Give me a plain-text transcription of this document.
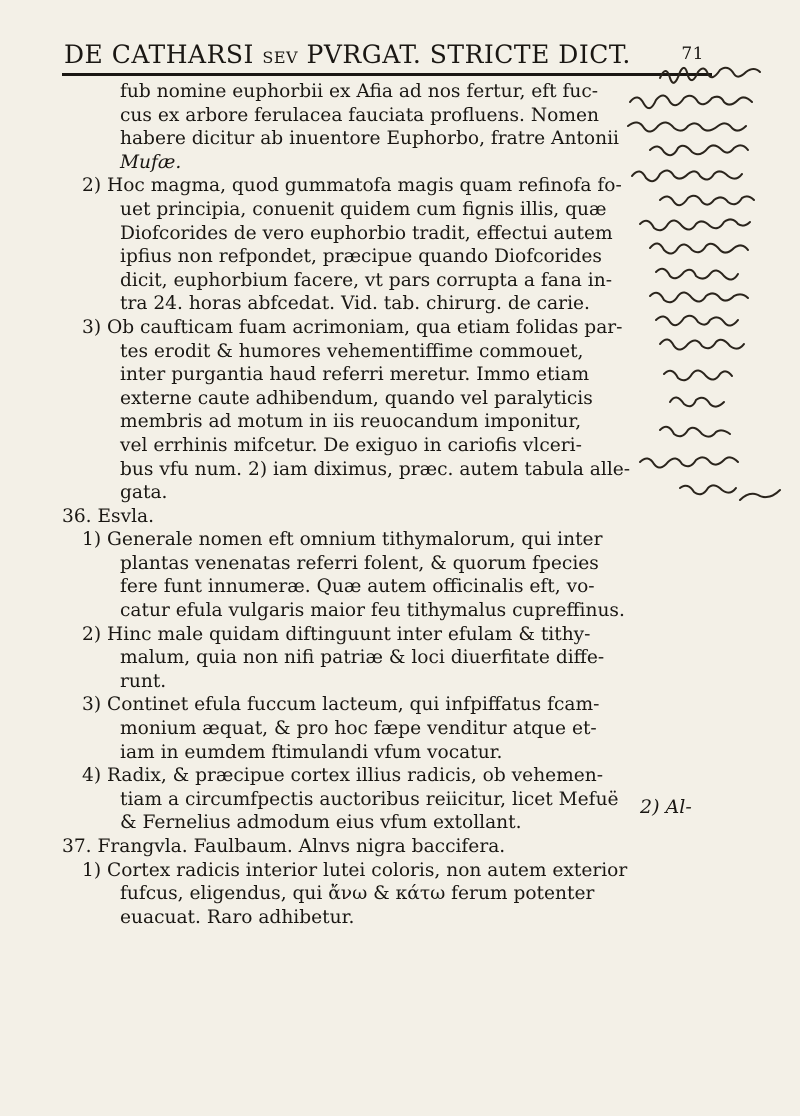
DE CATHARSI SEV PVRGAT. STRICTE DICT.	71
fub nomine euphorbii ex Afia ad nos fertur, eft fuc-
cus ex arbore ferulacea fauciata profluens. Nomen
habere dicitur ab inuentore Euphorbo, fratre Antonii
Mufæ.
2) Hoc magma, quod gummatofa magis quam refinofa fo-
uet principia, conuenit quidem cum fignis illis, quæ
Diofcorides de vero euphorbio tradit, effectui autem
ipfius non refpondet, præcipue quando Diofcorides
dicit, euphorbium facere, vt pars corrupta a fana in-
tra 24. horas abfcedat. Vid. tab. chirurg. de carie.
3) Ob caufticam fuam acrimoniam, qua etiam folidas par-
tes erodit & humores vehementiffime commouet,
inter purgantia haud referri meretur. Immo etiam
externe caute adhibendum, quando vel paralyticis
membris ad motum in iis reuocandum imponitur,
vel errhinis mifcetur. De exiguo in cariofis vlceri-
bus vfu num. 2) iam diximus, præc. autem tabula alle-
gata.
36. Esvla.
1) Generale nomen eft omnium tithymalorum, qui inter
plantas venenatas referri folent, & quorum fpecies
fere funt innumeræ. Quæ autem officinalis eft, vo-
catur efula vulgaris maior feu tithymalus cupreffinus.
2) Hinc male quidam diftinguunt inter efulam & tithy-
malum, quia non nifi patriæ & loci diuerfitate diffe-
runt.
3) Continet efula fuccum lacteum, qui infpiffatus fcam-
monium æquat, & pro hoc fæpe venditur atque et-
iam in eumdem ftimulandi vfum vocatur.
4) Radix, & præcipue cortex illius radicis, ob vehemen-
tiam a circumfpectis auctoribus reiicitur, licet Mefuë
& Fernelius admodum eius vfum extollant.
37. Frangvla. Faulbaum. Alnvs nigra baccifera.
1) Cortex radicis interior lutei coloris, non autem exterior
fufcus, eligendus, qui ἄνω & κάτω ferum potenter
euacuat. Raro adhibetur.
2) Al-
